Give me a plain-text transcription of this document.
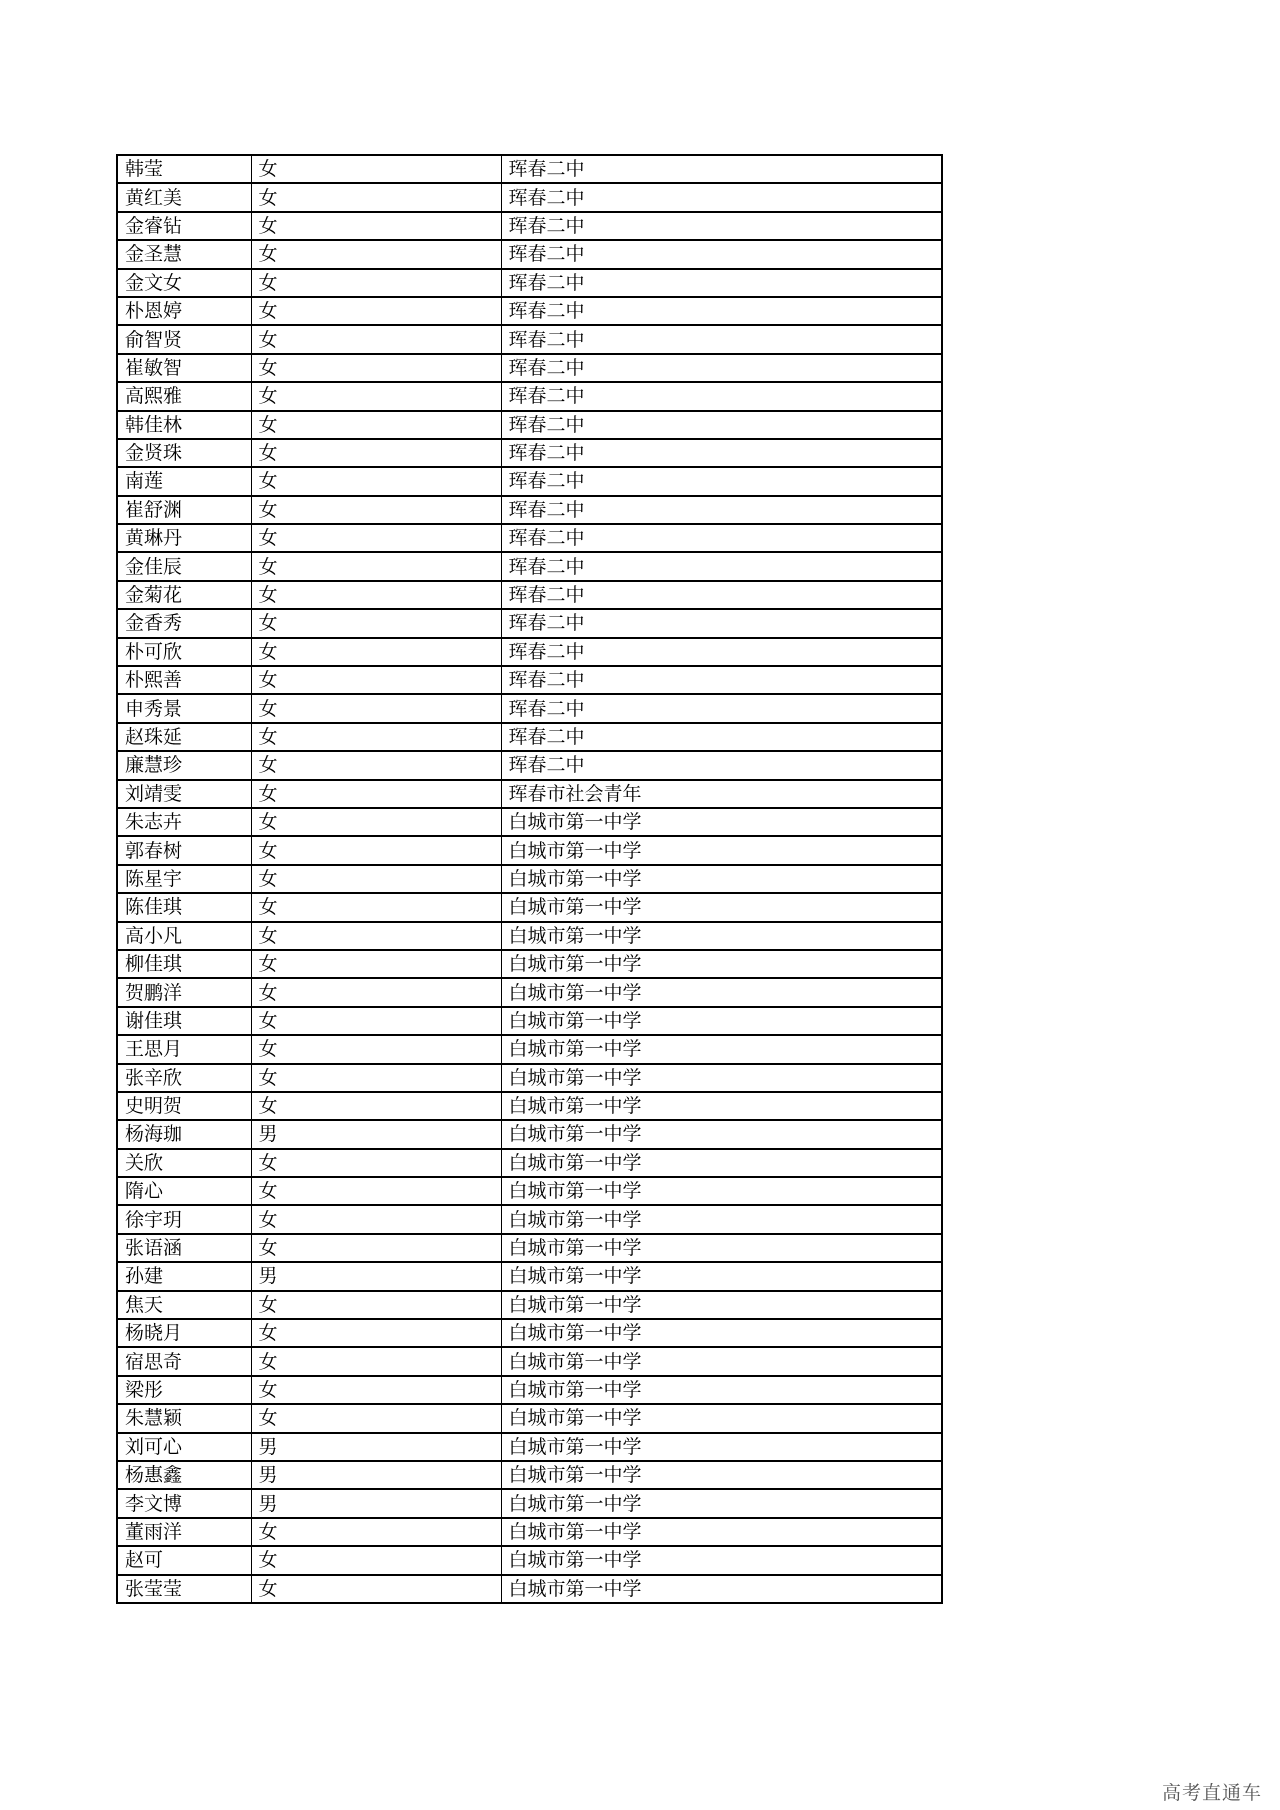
韩莹	女	珲春二中
黄红美	女	珲春二中
金睿钻	女	珲春二中
金圣慧	女	珲春二中
金文女	女	珲春二中
朴恩婷	女	珲春二中
俞智贤	女	珲春二中
崔敏智	女	珲春二中
高熙雅	女	珲春二中
韩佳林	女	珲春二中
金贤珠	女	珲春二中
南莲	女	珲春二中
崔舒渊	女	珲春二中
黄琳丹	女	珲春二中
金佳辰	女	珲春二中
金菊花	女	珲春二中
金香秀	女	珲春二中
朴可欣	女	珲春二中
朴熙善	女	珲春二中
申秀景	女	珲春二中
赵珠延	女	珲春二中
廉慧珍	女	珲春二中
刘靖雯	女	珲春市社会青年
朱志卉	女	白城市第一中学
郭春树	女	白城市第一中学
陈星宇	女	白城市第一中学
陈佳琪	女	白城市第一中学
高小凡	女	白城市第一中学
柳佳琪	女	白城市第一中学
贺鹏洋	女	白城市第一中学
谢佳琪	女	白城市第一中学
王思月	女	白城市第一中学
张辛欣	女	白城市第一中学
史明贺	女	白城市第一中学
杨海珈	男	白城市第一中学
关欣	女	白城市第一中学
隋心	女	白城市第一中学
徐宇玥	女	白城市第一中学
张语涵	女	白城市第一中学
孙建	男	白城市第一中学
焦天	女	白城市第一中学
杨晓月	女	白城市第一中学
宿思奇	女	白城市第一中学
梁彤	女	白城市第一中学
朱慧颖	女	白城市第一中学
刘可心	男	白城市第一中学
杨惠鑫	男	白城市第一中学
李文博	男	白城市第一中学
董雨洋	女	白城市第一中学
赵可	女	白城市第一中学
张莹莹	女	白城市第一中学
高考直通车
